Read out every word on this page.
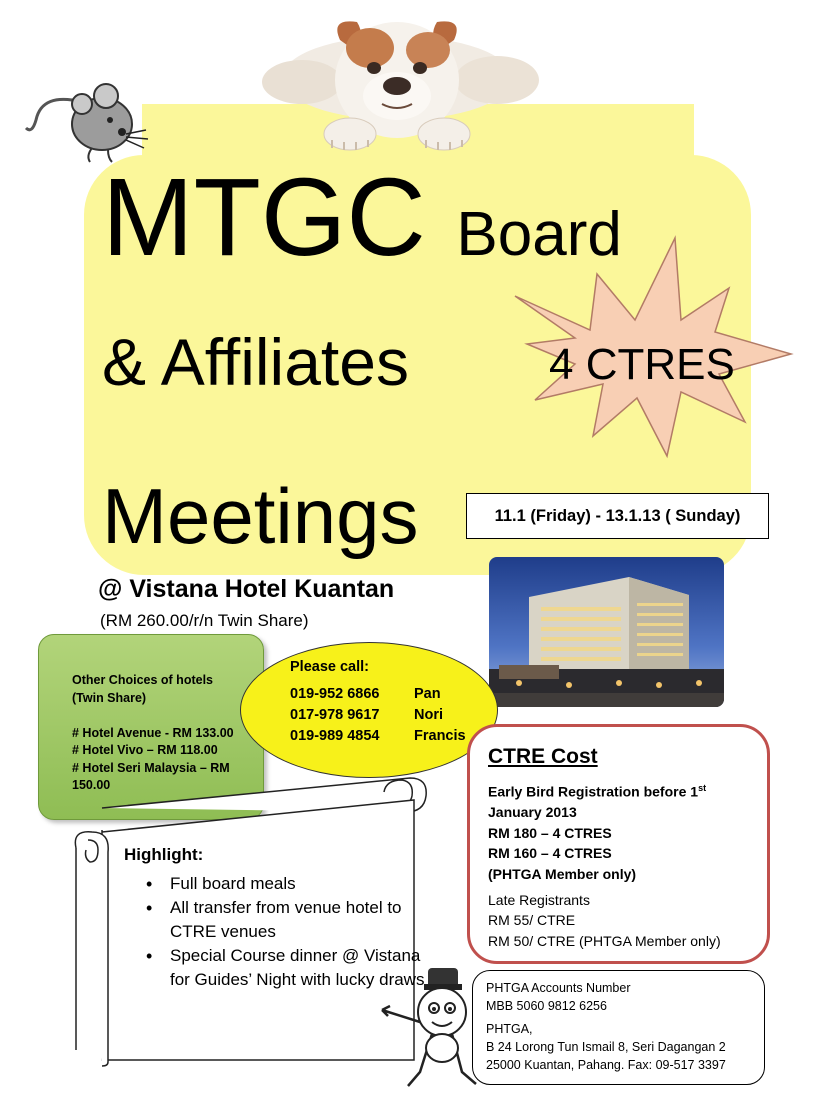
MTGC Board
& Affiliates
Meetings
4 CTRES
11.1 (Friday) - 13.1.13 ( Sunday)
@ Vistana Hotel Kuantan
(RM 260.00/r/n Twin Share)
Other Choices of hotels
(Twin Share)
# Hotel Avenue - RM 133.00
# Hotel Vivo – RM 118.00
# Hotel Seri Malaysia – RM
150.00
Highlight:
• Full board meals
• All transfer from venue hotel to CTRE venues
• Special Course dinner @ Vistana for Guides’ Night with lucky draws
Please call:
019-952 6866 Pan
017-978 9617 Nori
019-989 4854 Francis
CTRE Cost
Early Bird Registration before 1st
January 2013
RM 180 – 4 CTRES
RM 160 – 4 CTRES
(PHTGA Member only)
Late Registrants
RM 55/ CTRE
RM 50/ CTRE (PHTGA Member only)
PHTGA Accounts Number
MBB 5060 9812 6256
PHTGA,
B 24 Lorong Tun Ismail 8, Seri Dagangan 2
25000 Kuantan, Pahang. Fax: 09-517 3397
